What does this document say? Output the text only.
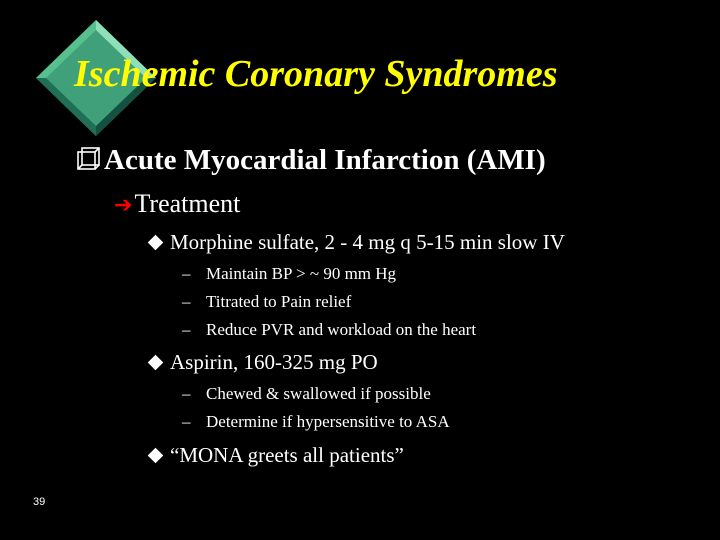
Ischemic Coronary Syndromes
Acute Myocardial Infarction (AMI)
➔Treatment
Morphine sulfate, 2 - 4 mg q 5-15 min slow IV
– Maintain BP > ~ 90 mm Hg
– Titrated to Pain relief
– Reduce PVR and workload on the heart
Aspirin, 160-325 mg PO
– Chewed & swallowed if possible
– Determine if hypersensitive to ASA
“MONA greets all patients”
39
